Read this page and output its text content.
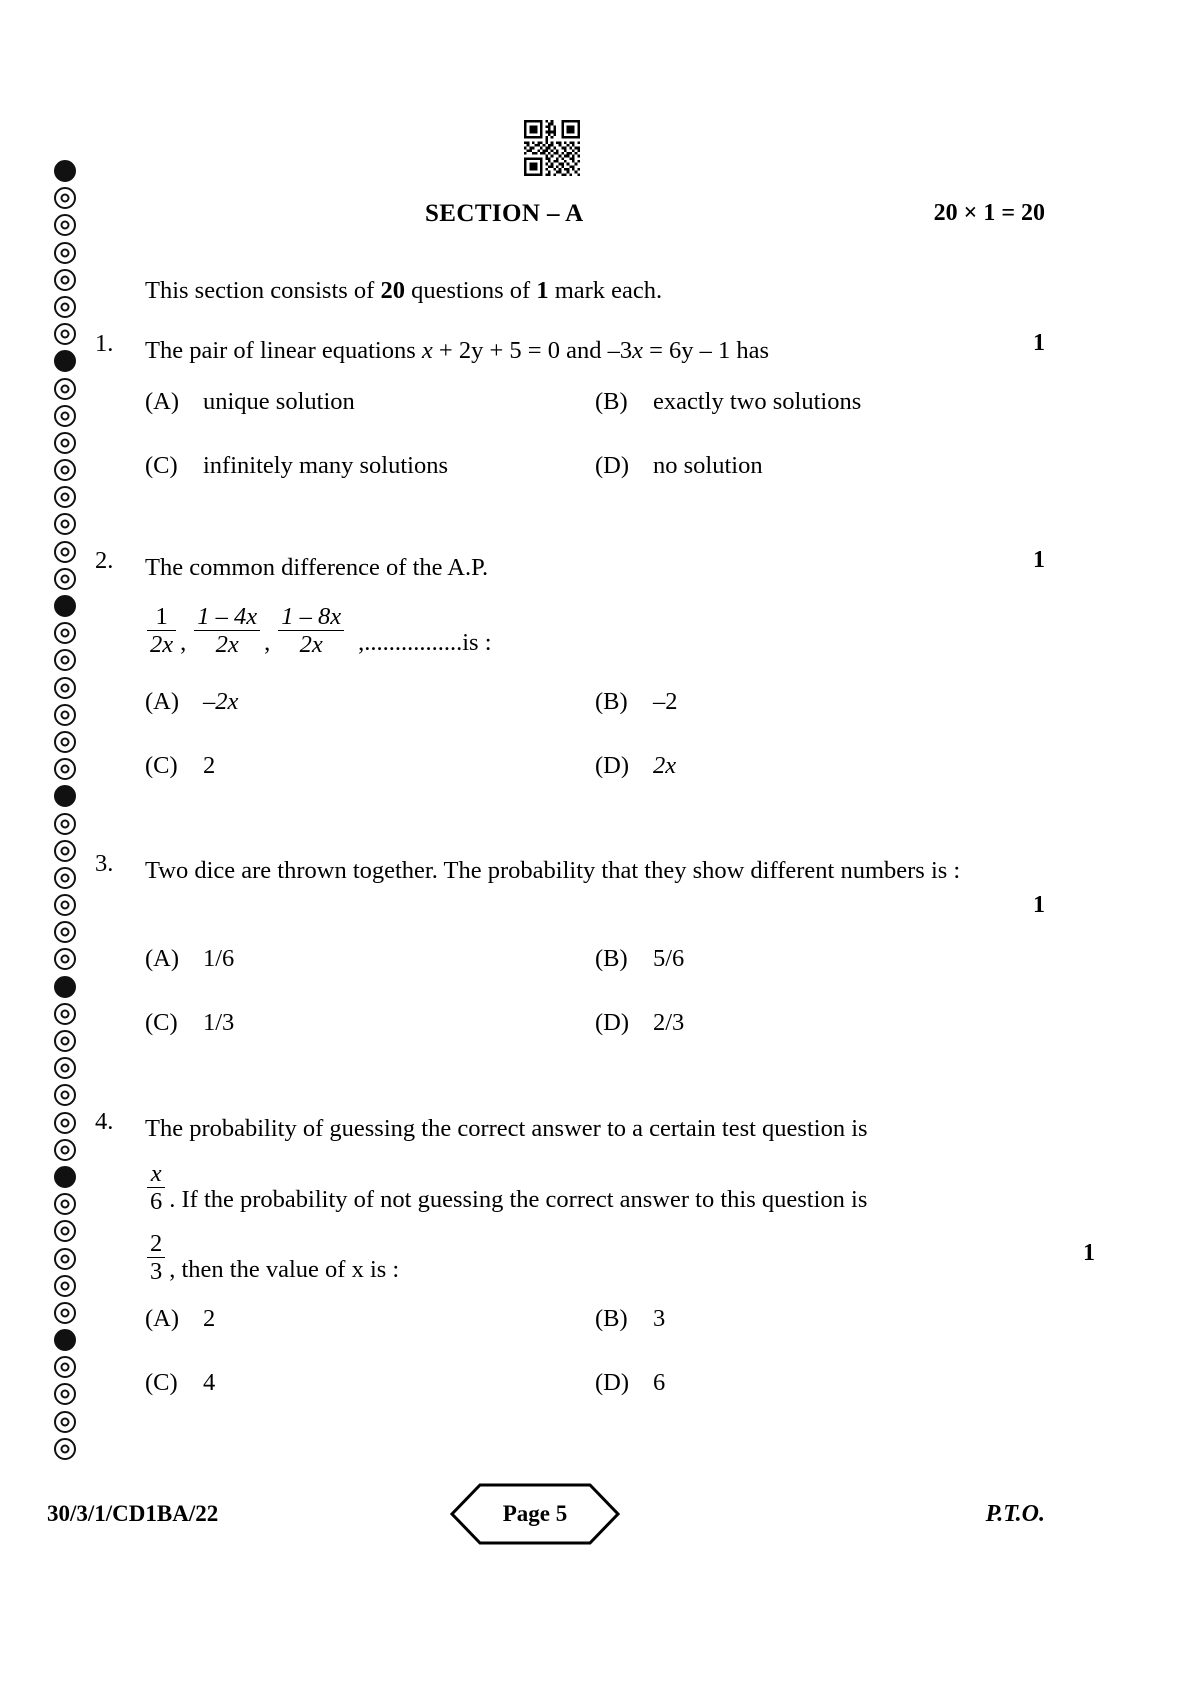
SECTION – A	20 × 1 = 20
This section consists of 20 questions of 1 mark each.
1.	The pair of linear equations x + 2y + 5 = 0 and –3x = 6y – 1 has	1
(A) unique solution	(B)	exactly two solutions
(C)	infinitely many solutions	(D) no solution
2.	The common difference of the A.P.	1
$\frac{1}{2x}$ , $\frac{1 - 4x}{2x}$ , $\frac{1 - 8x}{2x} ,................is$ :
(A) –2x	(B)	–2
(C)	2	(D) 2x
3.	Two dice are thrown together. The probability that they show different numbers is :
1
(A) 1/6	(B)	5/6
(C)	1/3	(D) 2/3
4.	The probability of guessing the correct answer to a certain test question is
$\frac{x}{6}$ . If the probability of not guessing the correct answer to this question is
$\frac{2}{3}$ , then the value of x is :
1
(A) 2	(B)	3
(C)	4	(D) 6
30/3/1/CD1BA/22	Page 5	P.T.O.
